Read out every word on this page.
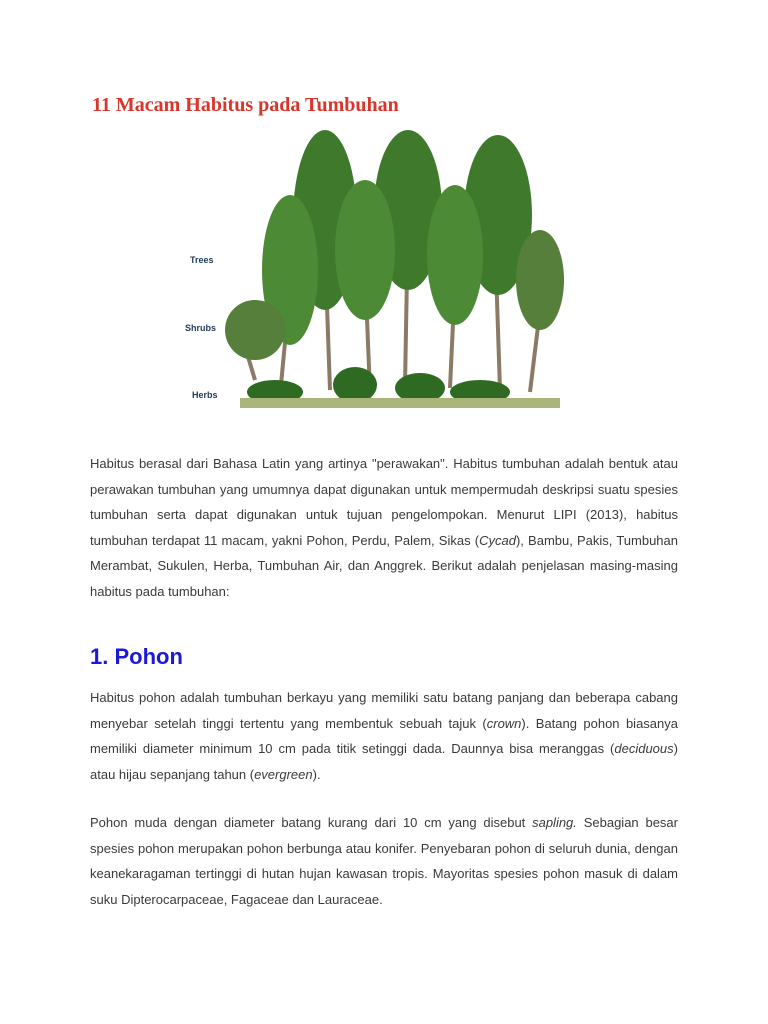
11 Macam Habitus pada Tumbuhan
Trees
Shrubs
Herbs

Habitus berasal dari Bahasa Latin yang artinya "perawakan". Habitus tumbuhan adalah bentuk atau perawakan tumbuhan yang umumnya dapat digunakan untuk mempermudah deskripsi suatu spesies tumbuhan serta dapat digunakan untuk tujuan pengelompokan. Menurut LIPI (2013), habitus tumbuhan terdapat 11 macam, yakni Pohon, Perdu, Palem, Sikas (Cycad), Bambu, Pakis, Tumbuhan Merambat, Sukulen, Herba, Tumbuhan Air, dan Anggrek. Berikut adalah penjelasan masing-masing habitus pada tumbuhan:

1. Pohon

Habitus pohon adalah tumbuhan berkayu yang memiliki satu batang panjang dan beberapa cabang menyebar setelah tinggi tertentu yang membentuk sebuah tajuk (crown). Batang pohon biasanya memiliki diameter minimum 10 cm pada titik setinggi dada. Daunnya bisa meranggas (deciduous) atau hijau sepanjang tahun (evergreen).

Pohon muda dengan diameter batang kurang dari 10 cm yang disebut sapling. Sebagian besar spesies pohon merupakan pohon berbunga atau konifer. Penyebaran pohon di seluruh dunia, dengan keanekaragaman tertinggi di hutan hujan kawasan tropis. Mayoritas spesies pohon masuk di dalam suku Dipterocarpaceae, Fagaceae dan Lauraceae.
